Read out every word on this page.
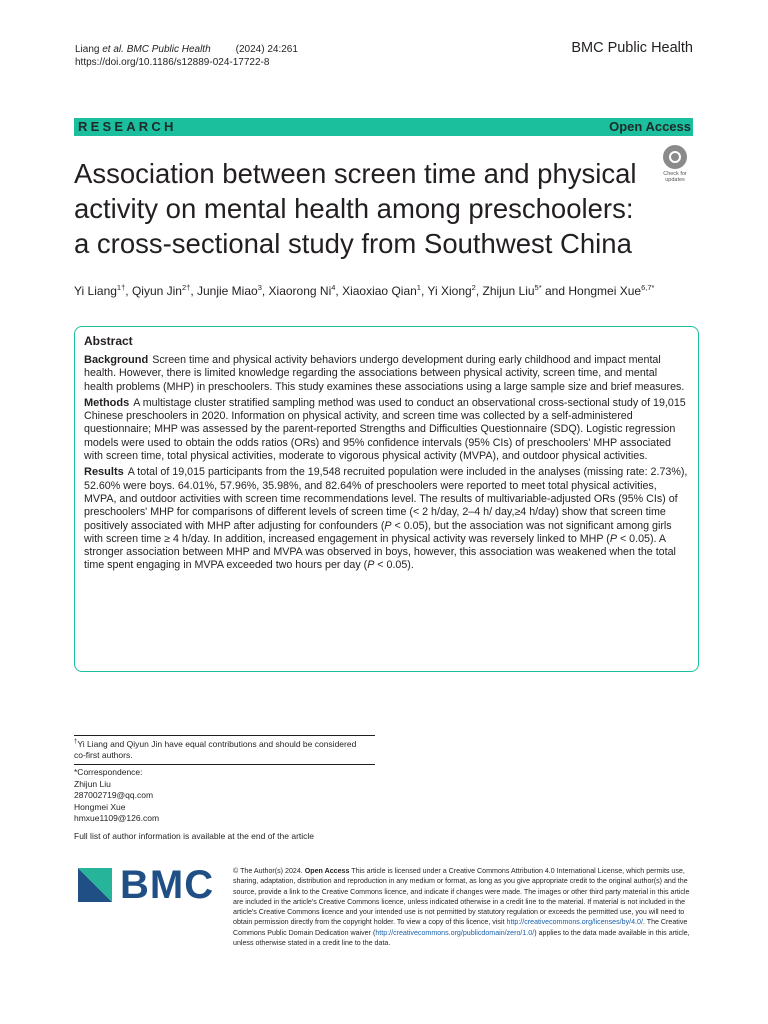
Liang et al. BMC Public Health	(2024) 24:261
https://doi.org/10.1186/s12889-024-17722-8
BMC Public Health
RESEARCH	Open Access
Association between screen time and physical activity on mental health among preschoolers: a cross-sectional study from Southwest China
Check for
updates
Yi Liang$^{1\dagger}$, Qiyun Jin$^{2\dagger}$, Junjie Miao$^3$, Xiaorong Ni$^4$, Xiaoxiao Qian$^1$, Yi Xiong$^2$, Zhijun Liu$^{5*}$ and Hongmei Xue$^{6,7*}$
Abstract

Background Screen time and physical activity behaviors undergo development during early childhood and impact mental health. However, there is limited knowledge regarding the associations between physical activity, screen time, and mental health problems (MHP) in preschoolers. This study examines these associations using a large sample size and brief measures.

Methods A multistage cluster stratified sampling method was used to conduct an observational cross-sectional study of 19,015 Chinese preschoolers in 2020. Information on physical activity, and screen time was collected by a self-administered questionnaire; MHP was assessed by the parent-reported Strengths and Difficulties Questionnaire (SDQ). Logistic regression models were used to obtain the odds ratios (ORs) and 95% confidence intervals (95% CIs) of preschoolers' MHP associated with screen time, total physical activities, moderate to vigorous physical activity (MVPA), and outdoor physical activities.

Results A total of 19,015 participants from the 19,548 recruited population were included in the analyses (missing rate: 2.73%), 52.60% were boys. 64.01%, 57.96%, 35.98%, and 82.64% of preschoolers were reported to meet total physical activities, MVPA, and outdoor activities with screen time recommendations level. The results of multivariable-adjusted ORs (95% CIs) of preschoolers' MHP for comparisons of different levels of screen time (< 2 h/day, 2–4 h/ day,≥4 h/day) show that screen time positively associated with MHP after adjusting for confounders (P < 0.05), but the association was not significant among girls with screen time ≥ 4 h/day. In addition, increased engagement in physical activity was reversely linked to MHP (P < 0.05). A stronger association between MHP and MVPA was observed in boys, however, this association was weakened when the total time spent engaging in MVPA exceeded two hours per day (P < 0.05).

†Yi Liang and Qiyun Jin have equal contributions and should be considered co-first authors.
*Correspondence:
Zhijun Liu
287002719@qq.com
Hongmei Xue
hmxue1109@126.com
Full list of author information is available at the end of the article
BMC	© The Author(s) 2024. Open Access This article is licensed under a Creative Commons Attribution 4.0 International License, which permits use, sharing, adaptation, distribution and reproduction in any medium or format, as long as you give appropriate credit to the original author(s) and the source, provide a link to the Creative Commons licence, and indicate if changes were made. The images or other third party material in this article are included in the article's Creative Commons licence, unless indicated otherwise in a credit line to the material. If material is not included in the article's Creative Commons licence and your intended use is not permitted by statutory regulation or exceeds the permitted use, you will need to obtain permission directly from the copyright holder. To view a copy of this licence, visit http://creativecommons.org/licenses/by/4.0/. The Creative Commons Public Domain Dedication waiver (http://creativecommons.org/publicdomain/zero/1.0/) applies to the data made available in this article, unless otherwise stated in a credit line to the data.
